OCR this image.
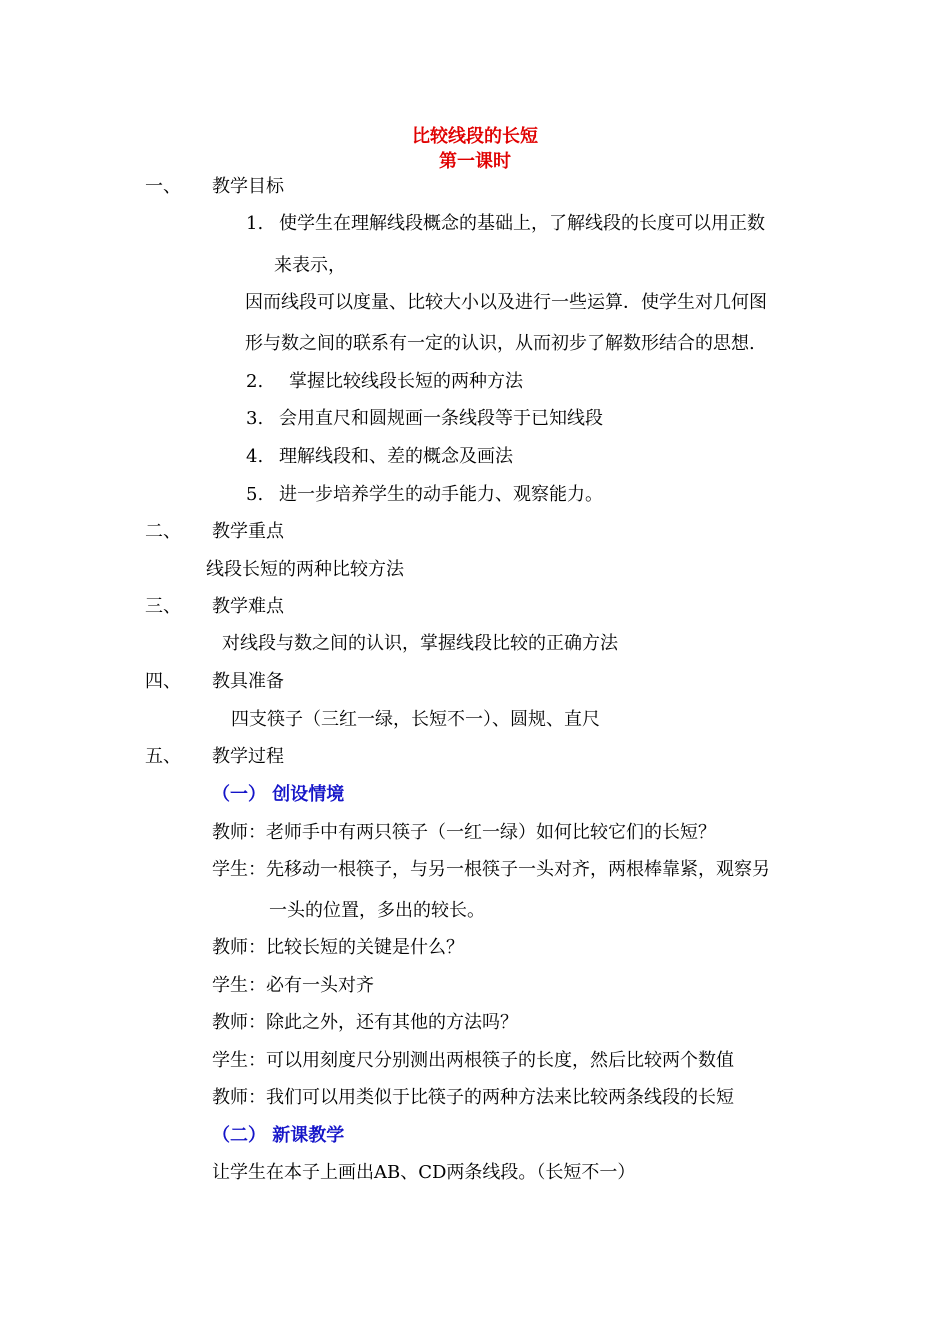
比较线段的长短
第一课时
一、 教学目标
1. 使学生在理解线段概念的基础上，了解线段的长度可以用正数
来表示，
因而线段可以度量、比较大小以及进行一些运算．使学生对几何图
形与数之间的联系有一定的认识，从而初步了解数形结合的思想.
2. 掌握比较线段长短的两种方法
3. 会用直尺和圆规画一条线段等于已知线段
4. 理解线段和、差的概念及画法
5. 进一步培养学生的动手能力、观察能力。
二、 教学重点
线段长短的两种比较方法
三、 教学难点
对线段与数之间的认识，掌握线段比较的正确方法
四、 教具准备
四支筷子（三红一绿，长短不一）、圆规、直尺
五、 教学过程
（一） 创设情境
教师：老师手中有两只筷子（一红一绿）如何比较它们的长短？
学生：先移动一根筷子，与另一根筷子一头对齐，两根棒靠紧，观察另
一头的位置，多出的较长。
教师：比较长短的关键是什么？
学生：必有一头对齐
教师：除此之外，还有其他的方法吗？
学生：可以用刻度尺分别测出两根筷子的长度，然后比较两个数值
教师：我们可以用类似于比筷子的两种方法来比较两条线段的长短
（二） 新课教学
让学生在本子上画出AB、CD两条线段。（长短不一）
